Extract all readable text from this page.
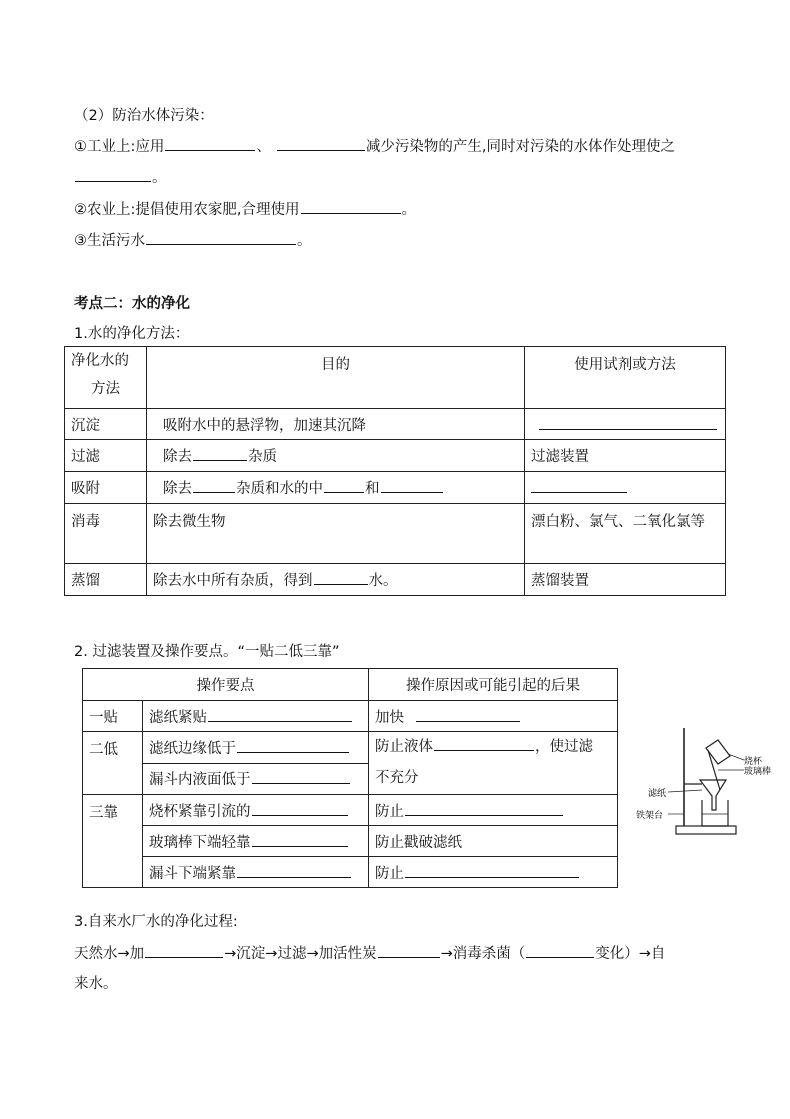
（2）防治水体污染：
①工业上:应用	、	减少污染物的产生,同时对污染的水体作处理使之
。
②农业上:提倡使用农家肥,合理使用	。
③生活污水	。
考点二：水的净化
1.水的净化方法：
净化水的
方法	目的	使用试剂或方法
沉淀	吸附水中的悬浮物，加速其沉降	
过滤	除去 杂质	过滤装置
吸附	除去 杂质和水的中 和	
消毒	除去微生物	漂白粉、氯气、二氧化氯等
蒸馏	除去水中所有杂质，得到 水。	蒸馏装置
2. 过滤装置及操作要点。“一贴二低三靠”
操作要点		操作原因或可能引起的后果
一贴	滤纸紧贴	加快
二低	滤纸边缘低于	防止液体 ，使过滤
不充分
	漏斗内液面低于	
三靠	烧杯紧靠引流的	防止
	玻璃棒下端轻靠	防止戳破滤纸
	漏斗下端紧靠	防止
烧杯
玻璃棒
滤纸
铁架台
3.自来水厂水的净化过程:
天然水→加	→沉淀→过滤→加活性炭	→消毒杀菌（	变化）→自
来水。
